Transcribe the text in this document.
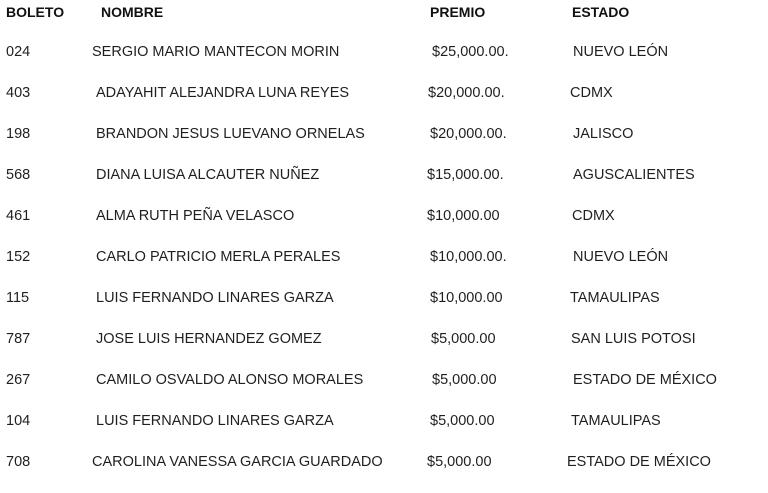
BOLETO	NOMBRE	PREMIO	ESTADO
024	SERGIO MARIO MANTECON MORIN	$25,000.00.	NUEVO LEÓN
403	ADAYAHIT ALEJANDRA LUNA REYES	$20,000.00.	CDMX
198	BRANDON JESUS LUEVANO ORNELAS	$20,000.00.	JALISCO
568	DIANA LUISA ALCAUTER NUÑEZ	$15,000.00.	AGUSCALIENTES
461	ALMA RUTH PEÑA VELASCO	$10,000.00	CDMX
152	CARLO PATRICIO MERLA PERALES	$10,000.00.	NUEVO LEÓN
115	LUIS FERNANDO LINARES GARZA	$10,000.00	TAMAULIPAS
787	JOSE LUIS HERNANDEZ GOMEZ	$5,000.00	SAN LUIS POTOSI
267	CAMILO OSVALDO ALONSO MORALES	$5,000.00	ESTADO DE MÉXICO
104	LUIS FERNANDO LINARES GARZA	$5,000.00	TAMAULIPAS
708	CAROLINA VANESSA GARCIA GUARDADO	$5,000.00	ESTADO DE MÉXICO
